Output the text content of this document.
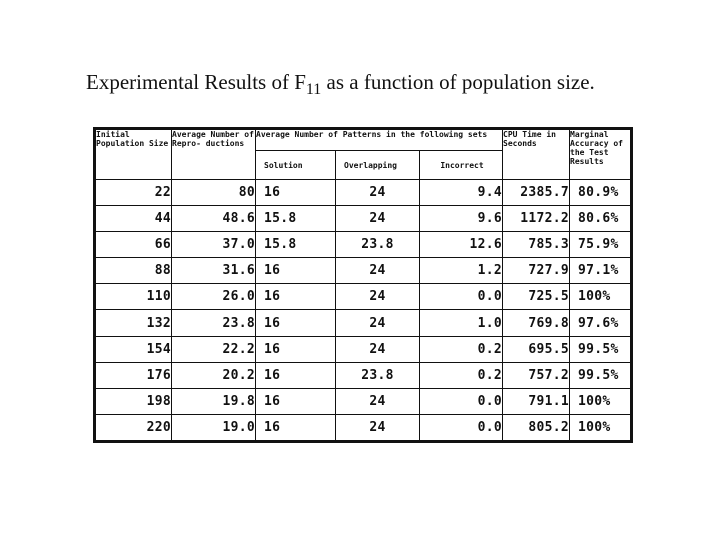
Experimental Results of $F_{11}$ as a function of population size.
Initial Population Size	Average Number of Repro- ductions	Average Number of Patterns in the following sets			CPU Time in Seconds	Marginal Accuracy of the Test Results
		Solution	Overlapping	Incorrect		
22	80	16	24	9.4	2385.7	80.9%
44	48.6	15.8	24	9.6	1172.2	80.6%
66	37.0	15.8	23.8	12.6	785.3	75.9%
88	31.6	16	24	1.2	727.9	97.1%
110	26.0	16	24	0.0	725.5	100%
132	23.8	16	24	1.0	769.8	97.6%
154	22.2	16	24	0.2	695.5	99.5%
176	20.2	16	23.8	0.2	757.2	99.5%
198	19.8	16	24	0.0	791.1	100%
220	19.0	16	24	0.0	805.2	100%
